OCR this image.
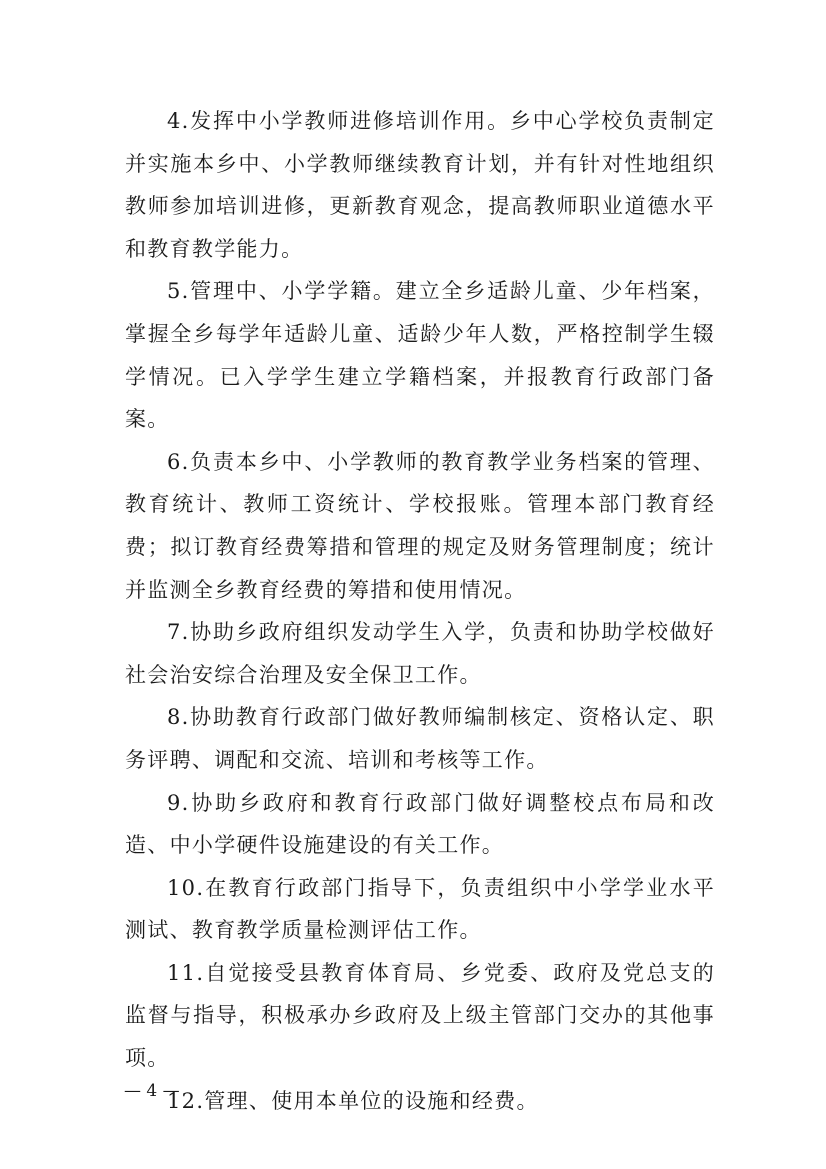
4.发挥中小学教师进修培训作用。乡中心学校负责制定并实施本乡中、小学教师继续教育计划，并有针对性地组织教师参加培训进修，更新教育观念，提高教师职业道德水平和教育教学能力。

5.管理中、小学学籍。建立全乡适龄儿童、少年档案，掌握全乡每学年适龄儿童、适龄少年人数，严格控制学生辍学情况。已入学学生建立学籍档案，并报教育行政部门备案。

6.负责本乡中、小学教师的教育教学业务档案的管理、教育统计、教师工资统计、学校报账。管理本部门教育经费；拟订教育经费筹措和管理的规定及财务管理制度；统计并监测全乡教育经费的筹措和使用情况。

7.协助乡政府组织发动学生入学，负责和协助学校做好社会治安综合治理及安全保卫工作。

8.协助教育行政部门做好教师编制核定、资格认定、职务评聘、调配和交流、培训和考核等工作。

9.协助乡政府和教育行政部门做好调整校点布局和改造、中小学硬件设施建设的有关工作。

10.在教育行政部门指导下，负责组织中小学学业水平测试、教育教学质量检测评估工作。

11.自觉接受县教育体育局、乡党委、政府及党总支的监督与指导，积极承办乡政府及上级主管部门交办的其他事项。

12.管理、使用本单位的设施和经费。

— 4 —
